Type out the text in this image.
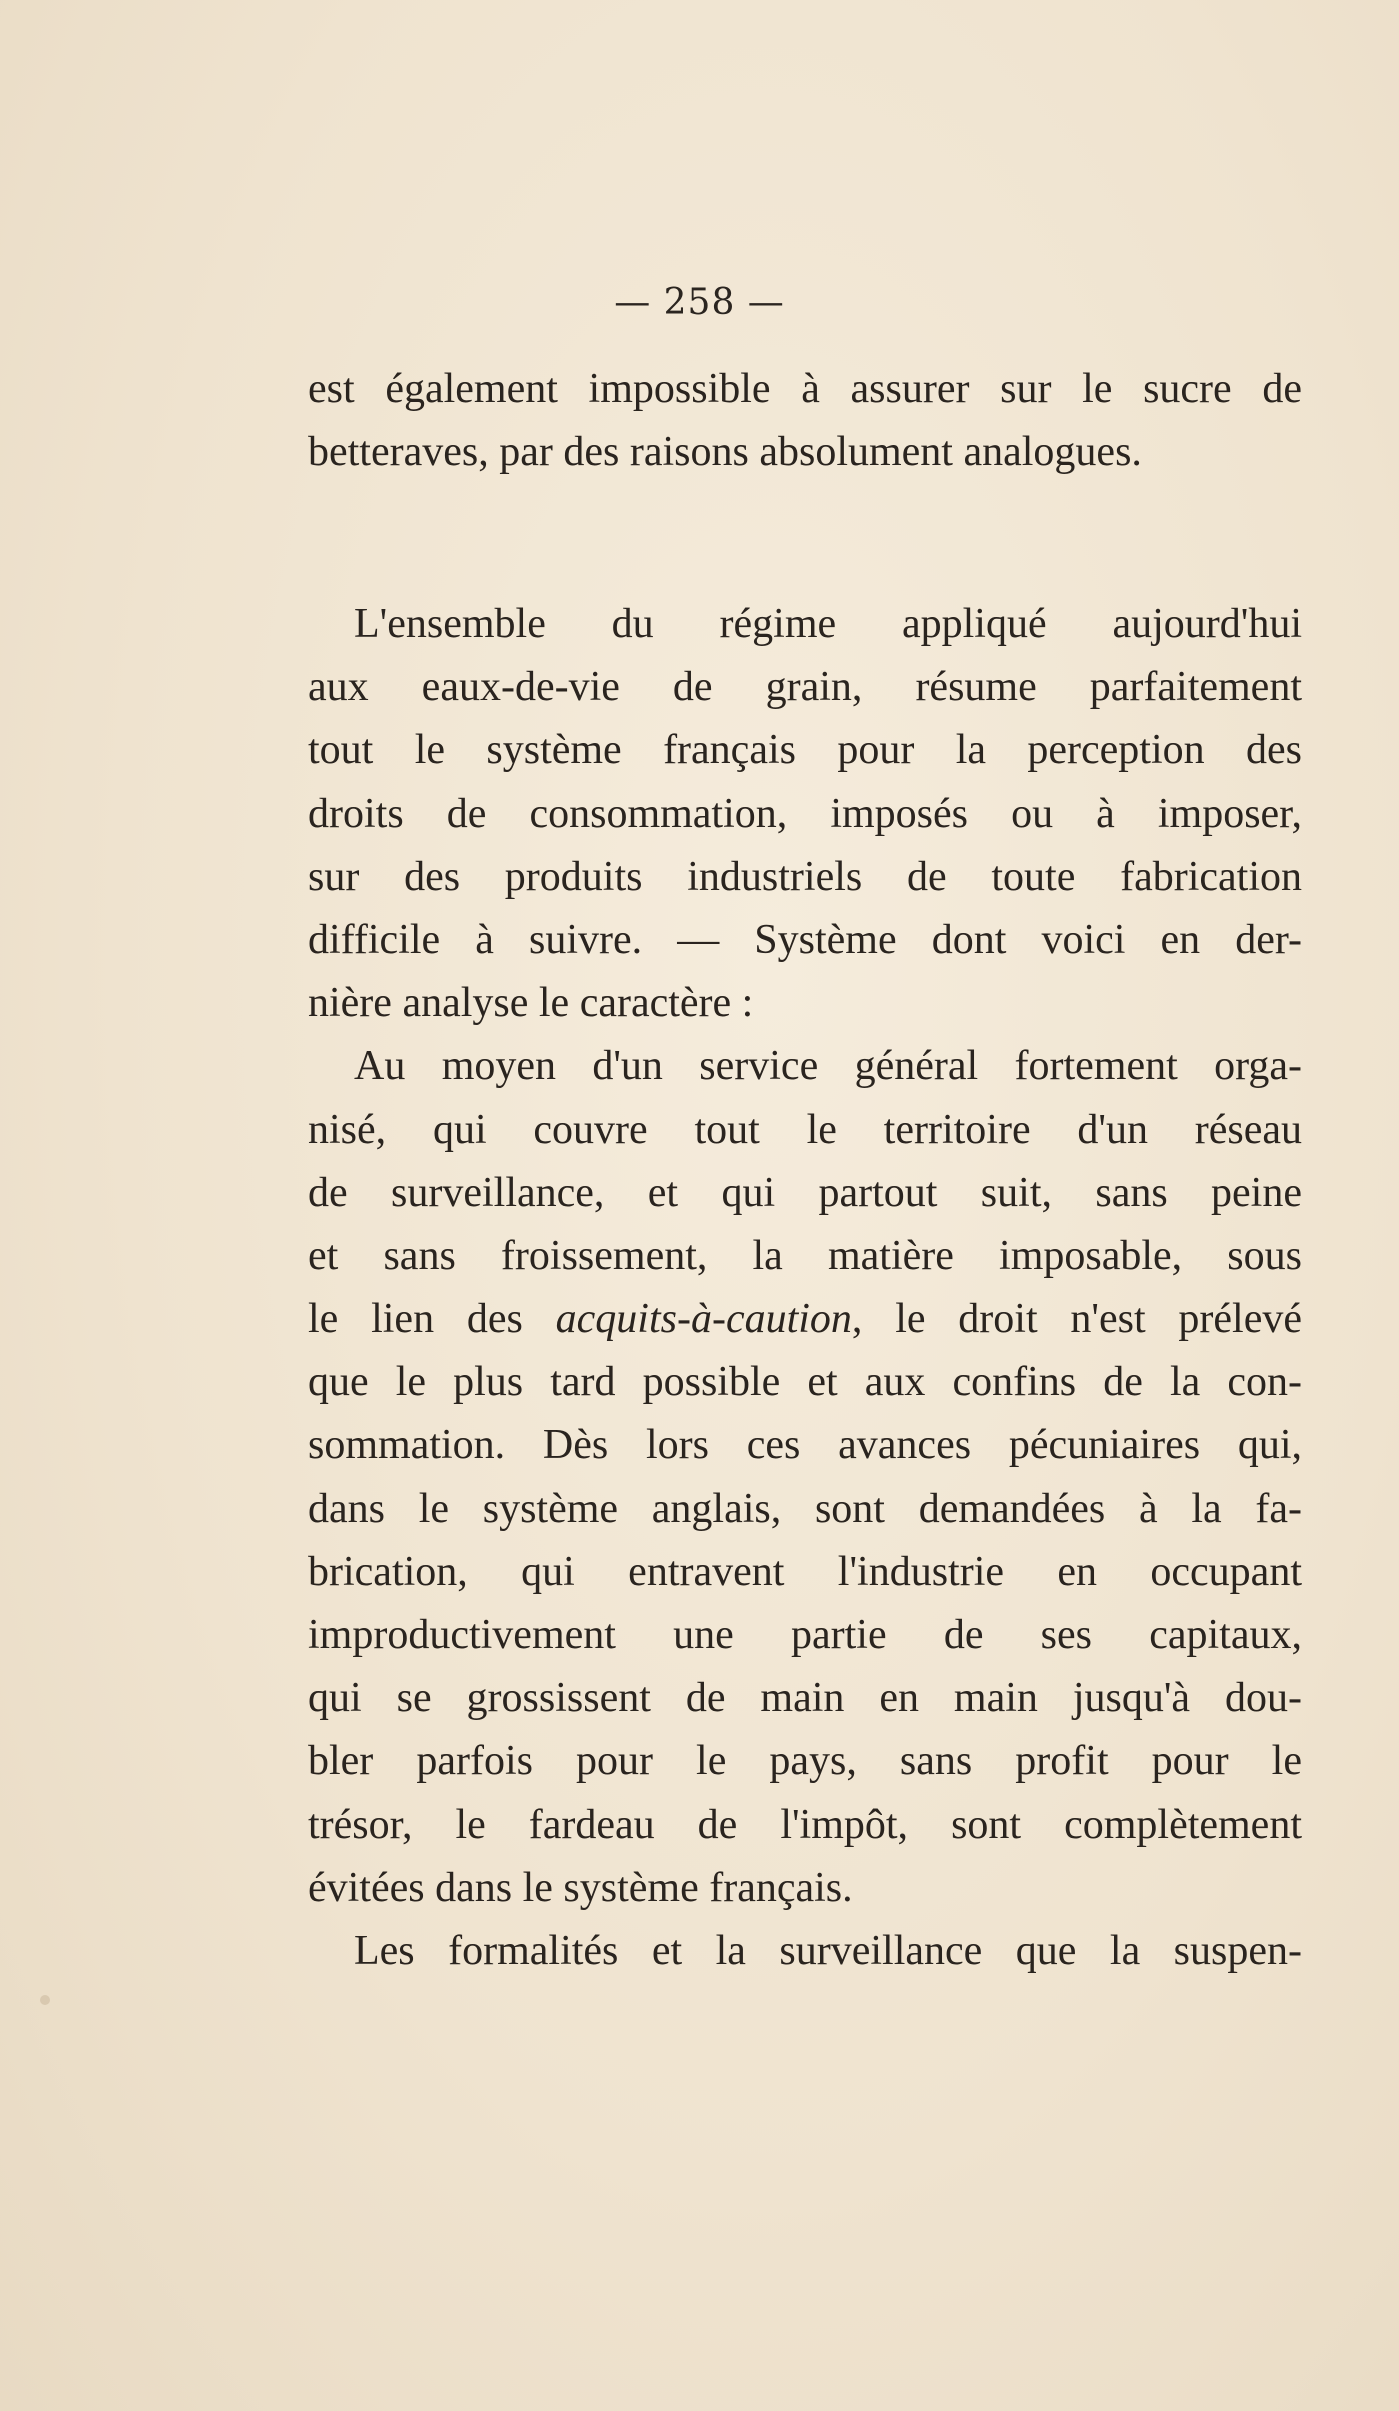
— 258 —
est également impossible à assurer sur le sucre de
betteraves, par des raisons absolument analogues.
L'ensemble du régime appliqué aujourd'hui
aux eaux-de-vie de grain, résume parfaitement
tout le système français pour la perception des
droits de consommation, imposés ou à imposer,
sur des produits industriels de toute fabrication
difficile à suivre. — Système dont voici en der-
nière analyse le caractère :
Au moyen d'un service général fortement orga-
nisé, qui couvre tout le territoire d'un réseau
de surveillance, et qui partout suit, sans peine
et sans froissement, la matière imposable, sous
le lien des acquits-à-caution, le droit n'est prélevé
que le plus tard possible et aux confins de la con-
sommation. Dès lors ces avances pécuniaires qui,
dans le système anglais, sont demandées à la fa-
brication, qui entravent l'industrie en occupant
improductivement une partie de ses capitaux,
qui se grossissent de main en main jusqu'à dou-
bler parfois pour le pays, sans profit pour le
trésor, le fardeau de l'impôt, sont complètement
évitées dans le système français.
Les formalités et la surveillance que la suspen-
